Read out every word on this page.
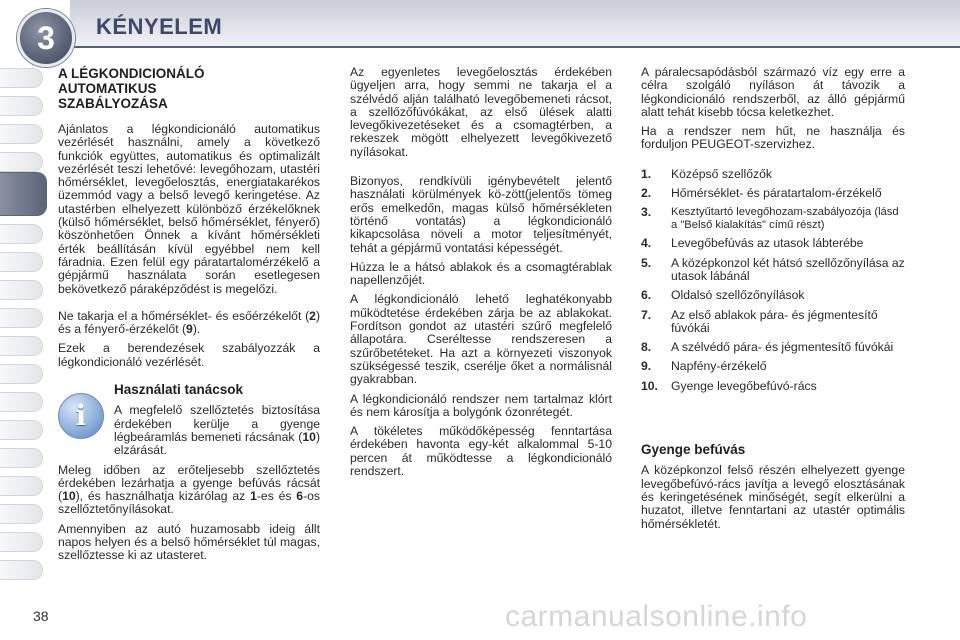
3 KÉNYELEM
A LÉGKONDICIONÁLÓ
AUTOMATIKUS
SZABÁLYOZÁSA

Ajánlatos a légkondicionáló automatikus vezérlését használni, amely a következő funkciók együttes, automatikus és optimalizált vezérlését teszi lehetővé: levegőhozam, utastéri hőmérséklet, levegőelosztás, energiatakarékos üzemmód vagy a belső levegő keringetése. Az utastérben elhelyezett különböző érzékelőknek (külső hőmérséklet, belső hőmérséklet, fényerő) köszönhetően Önnek a kívánt hőmérsékleti érték beállításán kívül egyébbel nem kell fáradnia. Ezen felül egy páratartalomérzékelő a gépjármű használata során esetlegesen bekövetkező páraképződést is megelőzi.

Ne takarja el a hőmérséklet- és esőérzékelőt (2) és a fényerő-érzékelőt (9).

Ezek a berendezések szabályozzák a légkondicionáló vezérlését.

i
Használati tanácsok

A megfelelő szellőztetés biztosítása érdekében kerülje a gyenge légbeáramlás bemeneti rácsának (10) elzárását.

Meleg időben az erőteljesebb szellőztetés érdekében lezárhatja a gyenge befúvás rácsát (10), és használhatja kizárólag az 1-es és 6-os szellőztetőnyílásokat.

Amennyiben az autó huzamosabb ideig állt napos helyen és a belső hőmérséklet túl magas, szellőztesse ki az utasteret.

Az egyenletes levegőelosztás érdekében ügyeljen arra, hogy semmi ne takarja el a szélvédő alján található levegőbemeneti rácsot, a szellőzőfúvókákat, az első ülések alatti levegőkivezetéseket és a csomagtérben, a rekeszek mögött elhelyezett levegőkivezető nyílásokat.

Bizonyos, rendkívüli igénybevételt jelentő használati körülmények kö-zött(jelentős tömeg erős emelkedőn, magas külső hőmérsékleten történő vontatás) a légkondicionáló kikapcsolása növeli a motor teljesítményét, tehát a gépjármű vontatási képességét.

Húzza le a hátsó ablakok és a csomagtérablak napellenzőjét.

A légkondicionáló lehető leghatékonyabb működtetése érdekében zárja be az ablakokat. Fordítson gondot az utastéri szűrő megfelelő állapotára. Cseréltesse rendszeresen a szűrőbetéteket. Ha azt a környezeti viszonyok szükségessé teszik, cserélje őket a normálisnál gyakrabban.

A légkondicionáló rendszer nem tartalmaz klórt és nem károsítja a bolygónk ózonrétegét.

A tökéletes működőképesség fenntartása érdekében havonta egy-két alkalommal 5-10 percen át működtesse a légkondicionáló rendszert.

A páralecsapódásból származó víz egy erre a célra szolgáló nyíláson át távozik a légkondicionáló rendszerből, az álló gépjármű alatt tehát kisebb tócsa keletkezhet.

Ha a rendszer nem hűt, ne használja és forduljon PEUGEOT-szervizhez.

1.	Középső szellőzők
2.	Hőmérséklet- és páratartalom-érzékelő
3.	Kesztyűtartó levegőhozam-szabályozója (lásd a "Belső kialakítás" című részt)
4.	Levegőbefúvás az utasok lábterébe
5.	A középkonzol két hátsó szellőzőnyílása az utasok lábánál
6.	Oldalsó szellőzőnyílások
7.	Az első ablakok pára- és jégmentesítő fúvókái
8.	A szélvédő pára- és jégmentesítő fúvókái
9.	Napfény-érzékelő
10.	Gyenge levegőbefúvó-rács
Gyenge befúvás

A középkonzol felső részén elhelyezett gyenge levegőbefúvó-rács javítja a levegő elosztásának és keringetésének minőségét, segít elkerülni a huzatot, illetve fenntartani az utastér optimális hőmérsékletét.

38	carmanualsonline.info
